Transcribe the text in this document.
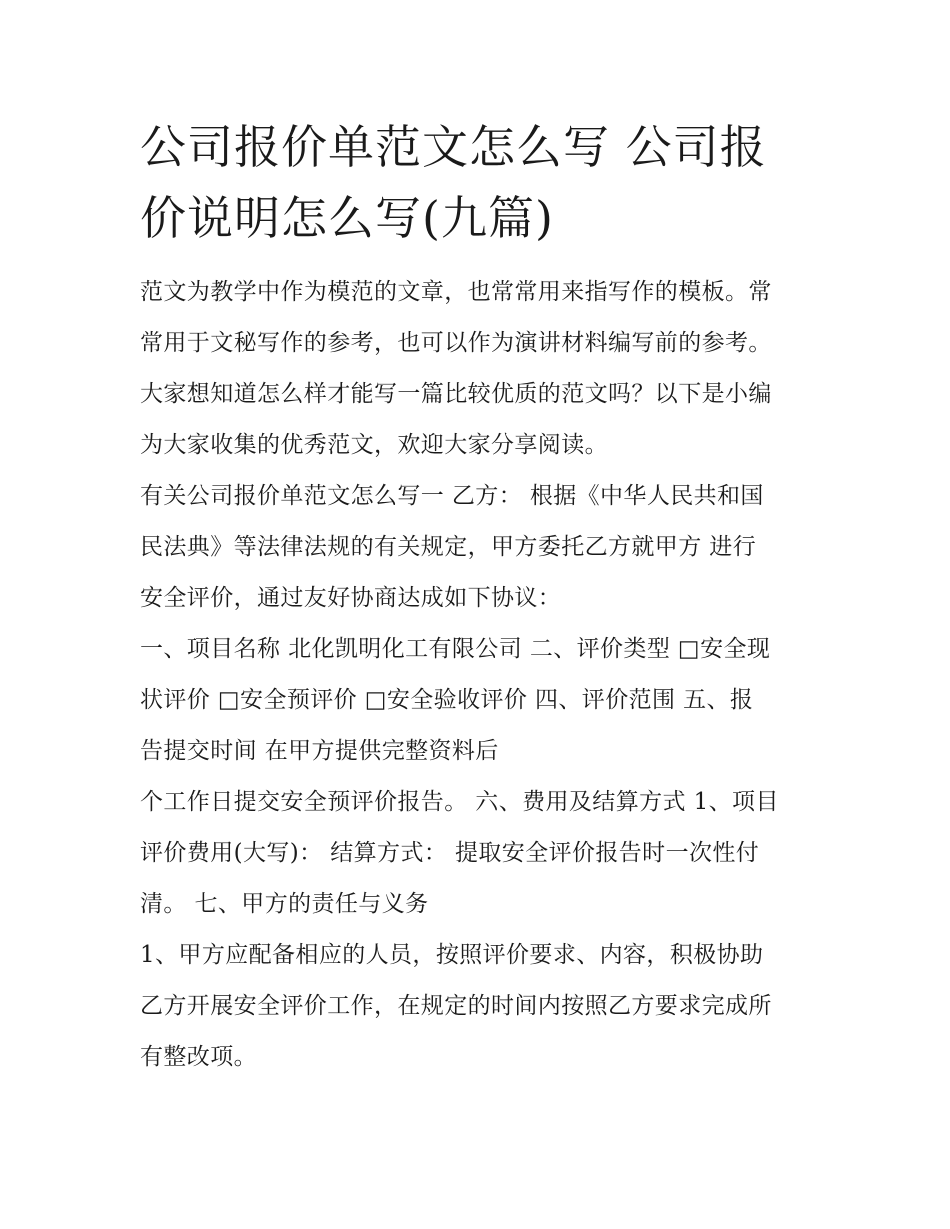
公司报价单范文怎么写 公司报
价说明怎么写(九篇)

范文为教学中作为模范的文章，也常常用来指写作的模板。常
常用于文秘写作的参考，也可以作为演讲材料编写前的参考。
大家想知道怎么样才能写一篇比较优质的范文吗？以下是小编
为大家收集的优秀范文，欢迎大家分享阅读。

有关公司报价单范文怎么写一 乙方： 根据《中华人民共和国
民法典》等法律法规的有关规定，甲方委托乙方就甲方 进行
安全评价，通过友好协商达成如下协议：

一、项目名称 北化凯明化工有限公司 二、评价类型 □安全现
状评价 □安全预评价 □安全验收评价 四、评价范围 五、报
告提交时间 在甲方提供完整资料后

个工作日提交安全预评价报告。 六、费用及结算方式 1、项目
评价费用(大写)： 结算方式： 提取安全评价报告时一次性付
清。 七、甲方的责任与义务

1、甲方应配备相应的人员，按照评价要求、内容，积极协助
乙方开展安全评价工作，在规定的时间内按照乙方要求完成所
有整改项。
